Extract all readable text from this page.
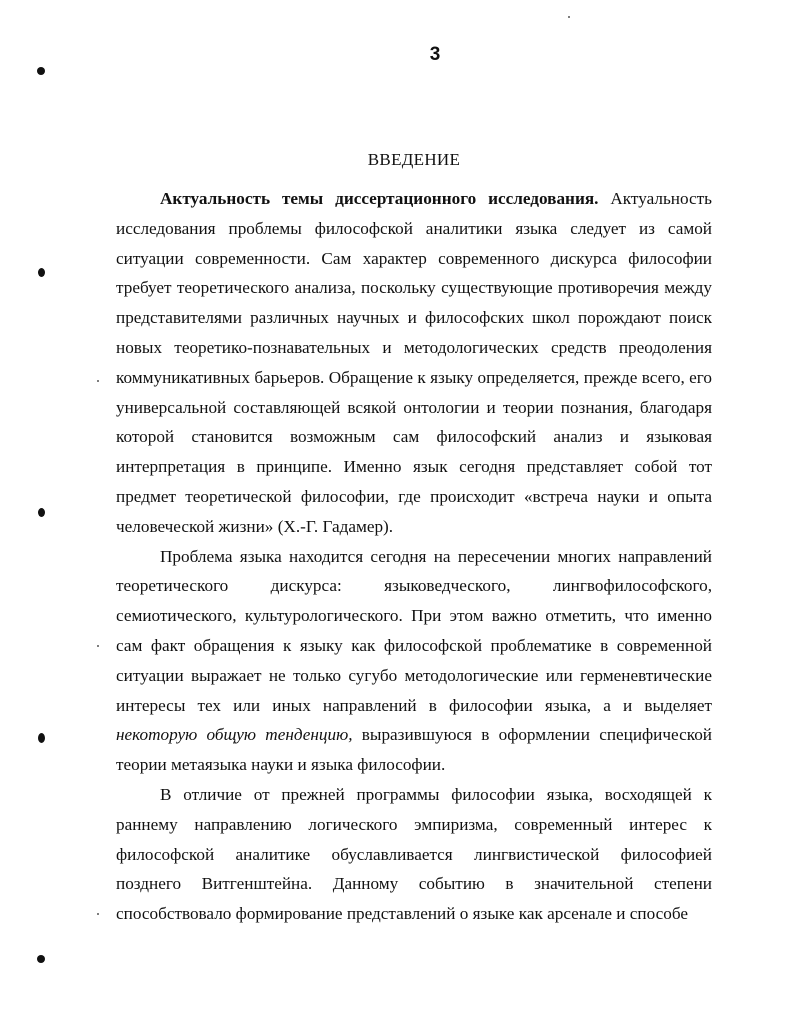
3
ВВЕДЕНИЕ

Актуальность темы диссертационного исследования. Актуальность исследования проблемы философской аналитики языка следует из самой ситуации современности. Сам характер современного дискурса философии требует теоретического анализа, поскольку существующие противоречия между представителями различных научных и философских школ порождают поиск новых теоретико-познавательных и методологических средств преодоления коммуникативных барьеров. Обращение к языку определяется, прежде всего, его универсальной составляющей всякой онтологии и теории познания, благодаря которой становится возможным сам философский анализ и языковая интерпретация в принципе. Именно язык сегодня представляет собой тот предмет теоретической философии, где происходит «встреча науки и опыта человеческой жизни» (Х.-Г. Гадамер).

Проблема языка находится сегодня на пересечении многих направлений теоретического дискурса: языковедческого, лингвофилософского, семиотического, культурологического. При этом важно отметить, что именно сам факт обращения к языку как философской проблематике в современной ситуации выражает не только сугубо методологические или герменевтические интересы тех или иных направлений в философии языка, а и выделяет некоторую общую тенденцию, выразившуюся в оформлении специфической теории метаязыка науки и языка философии.

В отличие от прежней программы философии языка, восходящей к раннему направлению логического эмпиризма, современный интерес к философской аналитике обуславливается лингвистической философией позднего Витгенштейна. Данному событию в значительной степени способствовало формирование представлений о языке как арсенале и способе
